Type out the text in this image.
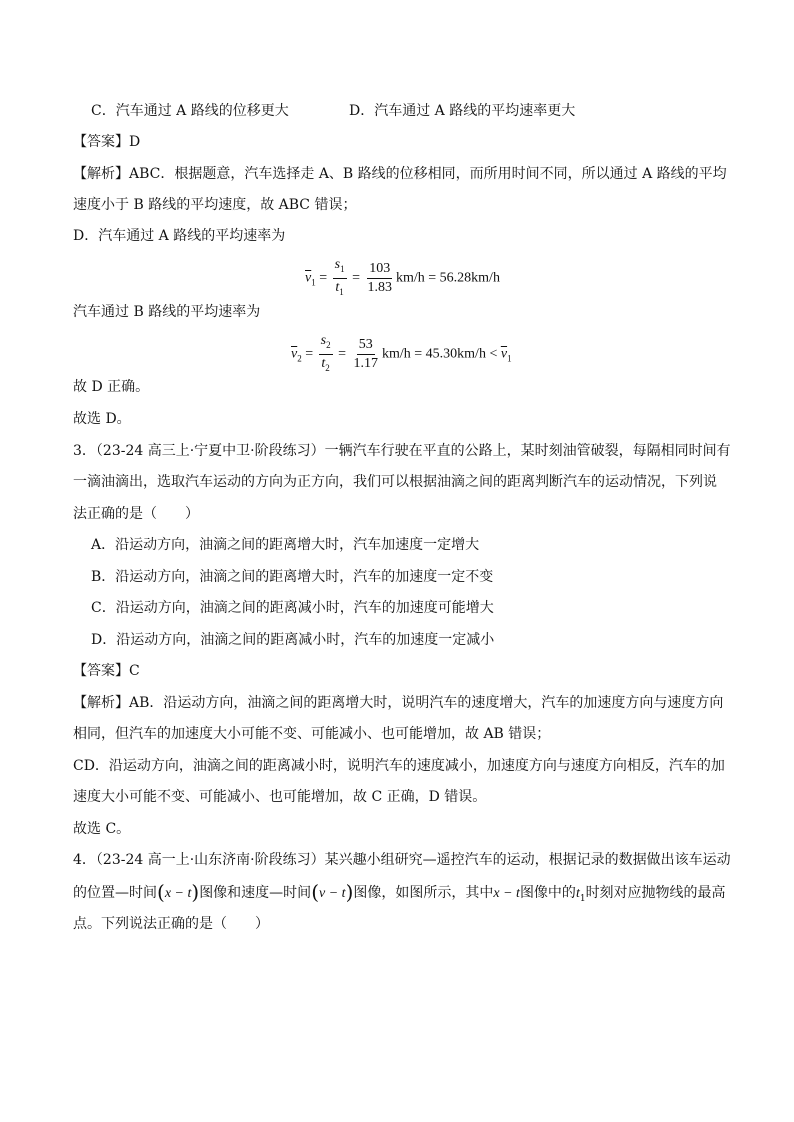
C．汽车通过 A 路线的位移更大	D．汽车通过 A 路线的平均速率更大
【答案】D
【解析】ABC．根据题意，汽车选择走 A、B 路线的位移相同，而所用时间不同，所以通过 A 路线的平均
速度小于 B 路线的平均速度，故 ABC 错误；
D．汽车通过 A 路线的平均速率为
$\overline{v}_1 = \frac{s_1}{t_1} = \frac{103}{1.83} km/h = 56.28km/h$
汽车通过 B 路线的平均速率为
$\overline{v}_2 = \frac{s_2}{t_2} = \frac{53}{1.17} km/h = 45.30km/h < \overline{v}_1$
故 D 正确。
故选 D。
3．（23-24 高三上·宁夏中卫·阶段练习）一辆汽车行驶在平直的公路上，某时刻油管破裂，每隔相同时间有
一滴油滴出，选取汽车运动的方向为正方向，我们可以根据油滴之间的距离判断汽车的运动情况，下列说
法正确的是（　　）
A．沿运动方向，油滴之间的距离增大时，汽车加速度一定增大
B．沿运动方向，油滴之间的距离增大时，汽车的加速度一定不变
C．沿运动方向，油滴之间的距离减小时，汽车的加速度可能增大
D．沿运动方向，油滴之间的距离减小时，汽车的加速度一定减小
【答案】C
【解析】AB．沿运动方向，油滴之间的距离增大时，说明汽车的速度增大，汽车的加速度方向与速度方向
相同，但汽车的加速度大小可能不变、可能减小、也可能增加，故 AB 错误；
CD．沿运动方向，油滴之间的距离减小时，说明汽车的速度减小，加速度方向与速度方向相反，汽车的加
速度大小可能不变、可能减小、也可能增加，故 C 正确，D 错误。
故选 C。
4．（23-24 高一上·山东济南·阶段练习）某兴趣小组研究—遥控汽车的运动，根据记录的数据做出该车运动
的位置—时间(x − t)图像和速度—时间(v − t)图像，如图所示，其中x − t图像中的$t_1$时刻对应抛物线的最高
点。下列说法正确的是（　　）
